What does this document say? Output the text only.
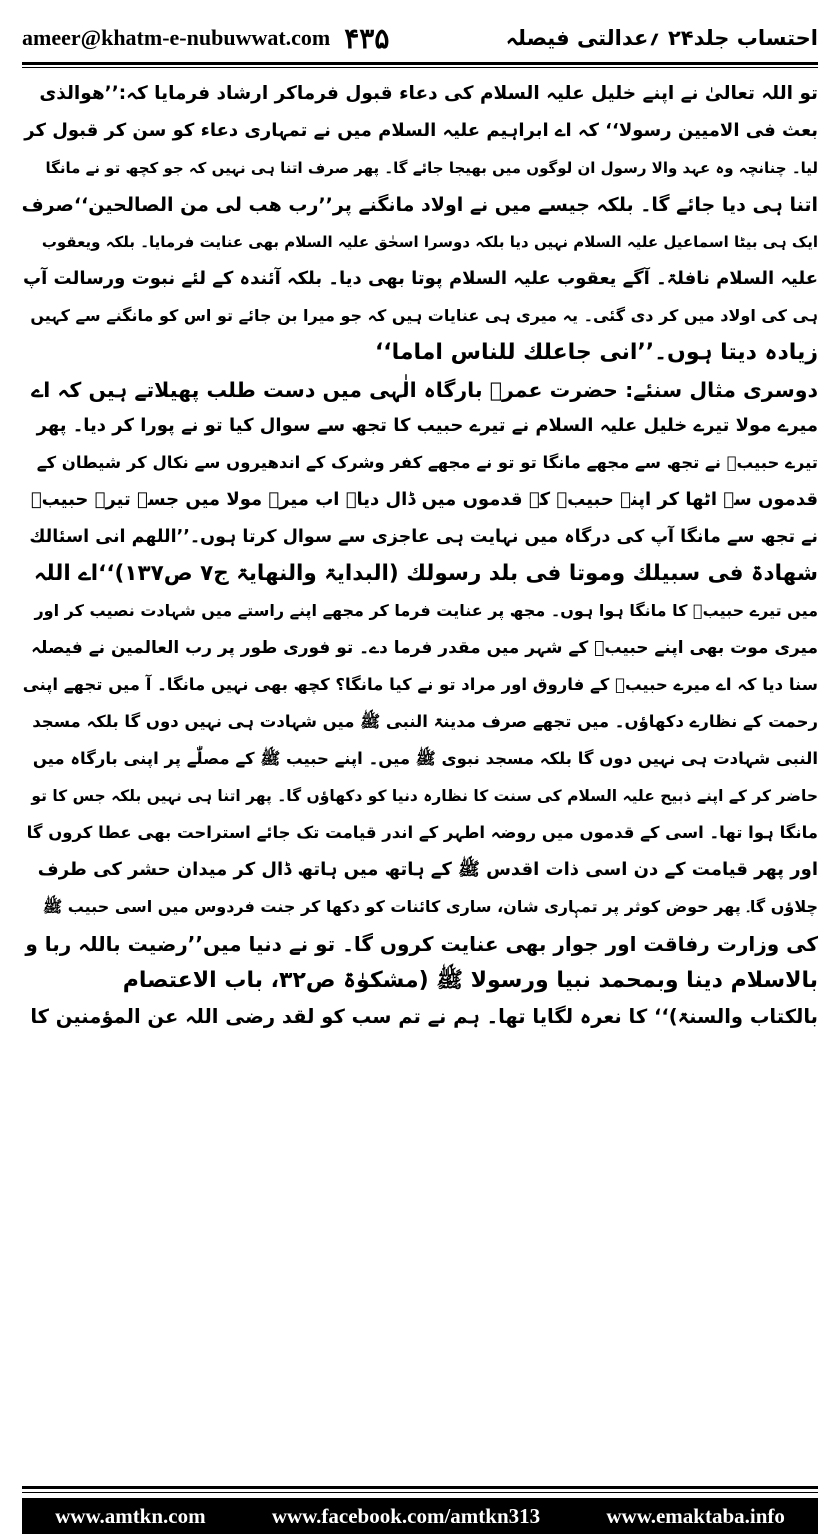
ameer@khatm-e-nubuwwat.com ۴۳۵	احتساب جلد۲۴ ؍عدالتی فیصلہ
تو اللہ تعالیٰ نے اپنے خلیل علیہ السلام کی دعاء قبول فرماکر ارشاد فرمایا کہ:’’ھوالذی
بعث فی الامیین رسولا‘‘ کہ اے ابراہیم علیہ السلام میں نے تمہاری دعاء کو سن کر قبول کر
لیا۔ چنانچہ وہ عہد والا رسول ان لوگوں میں بھیجا جائے گا۔ پھر صرف اتنا ہی نہیں کہ جو کچھ تو نے مانگا
اتنا ہی دیا جائے گا۔ بلکہ جیسے میں نے اولاد مانگنے پر’’رب ھب لی من الصالحین‘‘صرف
ایک ہی بیٹا اسماعیل علیہ السلام نہیں دیا بلکہ دوسرا اسحٰق علیہ السلام بھی عنایت فرمایا۔ بلکہ ویعقوب
علیہ السلام نافلۃ۔ آگے یعقوب علیہ السلام پوتا بھی دیا۔ بلکہ آئندہ کے لئے نبوت ورسالت آپ
ہی کی اولاد میں کر دی گئی۔ یہ میری ہی عنایات ہیں کہ جو میرا بن جائے تو اس کو مانگنے سے کہیں
زیادہ دیتا ہوں۔’’انی جاعلك للناس اماما‘‘
دوسری مثال سنئے: حضرت عمرؓ بارگاہ الٰہی میں دست طلب پھیلاتے ہیں کہ اے
میرے مولا تیرے خلیل علیہ السلام نے تیرے حبیب کا تجھ سے سوال کیا تو نے پورا کر دیا۔ پھر
تیرے حبیبؐ نے تجھ سے مجھے مانگا تو تو نے مجھے کفر وشرک کے اندھیروں سے نکال کر شیطان کے
قدموں سے اٹھا کر اپنے حبیبؐ کے قدموں میں ڈال دیا۔ اب میرے مولا میں جسے تیرے حبیبؐ
نے تجھ سے مانگا آپ کی درگاہ میں نہایت ہی عاجزی سے سوال کرتا ہوں۔’’اللھم انی اسئالك
شھادۃ فی سبیلك وموتا فی بلد رسولك (البدایۃ والنھایۃ ج۷ ص۱۳۷)‘‘اے اللہ
میں تیرے حبیبؐ کا مانگا ہوا ہوں۔ مجھ پر عنایت فرما کر مجھے اپنے راستے میں شہادت نصیب کر اور
میری موت بھی اپنے حبیبؐ کے شہر میں مقدر فرما دے۔ تو فوری طور پر رب العالمین نے فیصلہ
سنا دیا کہ اے میرے حبیبؐ کے فاروق اور مراد تو نے کیا مانگا؟ کچھ بھی نہیں مانگا۔ آ میں تجھے اپنی
رحمت کے نظارے دکھاؤں۔ میں تجھے صرف مدینۃ النبی ﷺ میں شہادت ہی نہیں دوں گا بلکہ مسجد
النبی شہادت ہی نہیں دوں گا بلکہ مسجد نبوی ﷺ میں۔ اپنے حبیب ﷺ کے مصلّٰے پر اپنی بارگاہ میں
حاضر کر کے اپنے ذبیح علیہ السلام کی سنت کا نظارہ دنیا کو دکھاؤں گا۔ پھر اتنا ہی نہیں بلکہ جس کا تو
مانگا ہوا تھا۔ اسی کے قدموں میں روضہ اطہر کے اندر قیامت تک جائے استراحت بھی عطا کروں گا
اور پھر قیامت کے دن اسی ذات اقدس ﷺ کے ہاتھ میں ہاتھ ڈال کر میدان حشر کی طرف
چلاؤں گا۔ پھر حوض کوثر پر تمہاری شان، ساری کائنات کو دکھا کر جنت فردوس میں اسی حبیب ﷺ
کی وزارت رفاقت اور جوار بھی عنایت کروں گا۔ تو نے دنیا میں’’رضیت باللہ ربا و
بالاسلام دینا وبمحمد نبیا ورسولا ﷺ (مشکوٰۃ ص۳۲، باب الاعتصام
بالکتاب والسنۃ)‘‘ کا نعرہ لگایا تھا۔ ہم نے تم سب کو لقد رضی اللہ عن المؤمنین کا
www.amtkn.com	www.facebook.com/amtkn313	www.emaktaba.info
